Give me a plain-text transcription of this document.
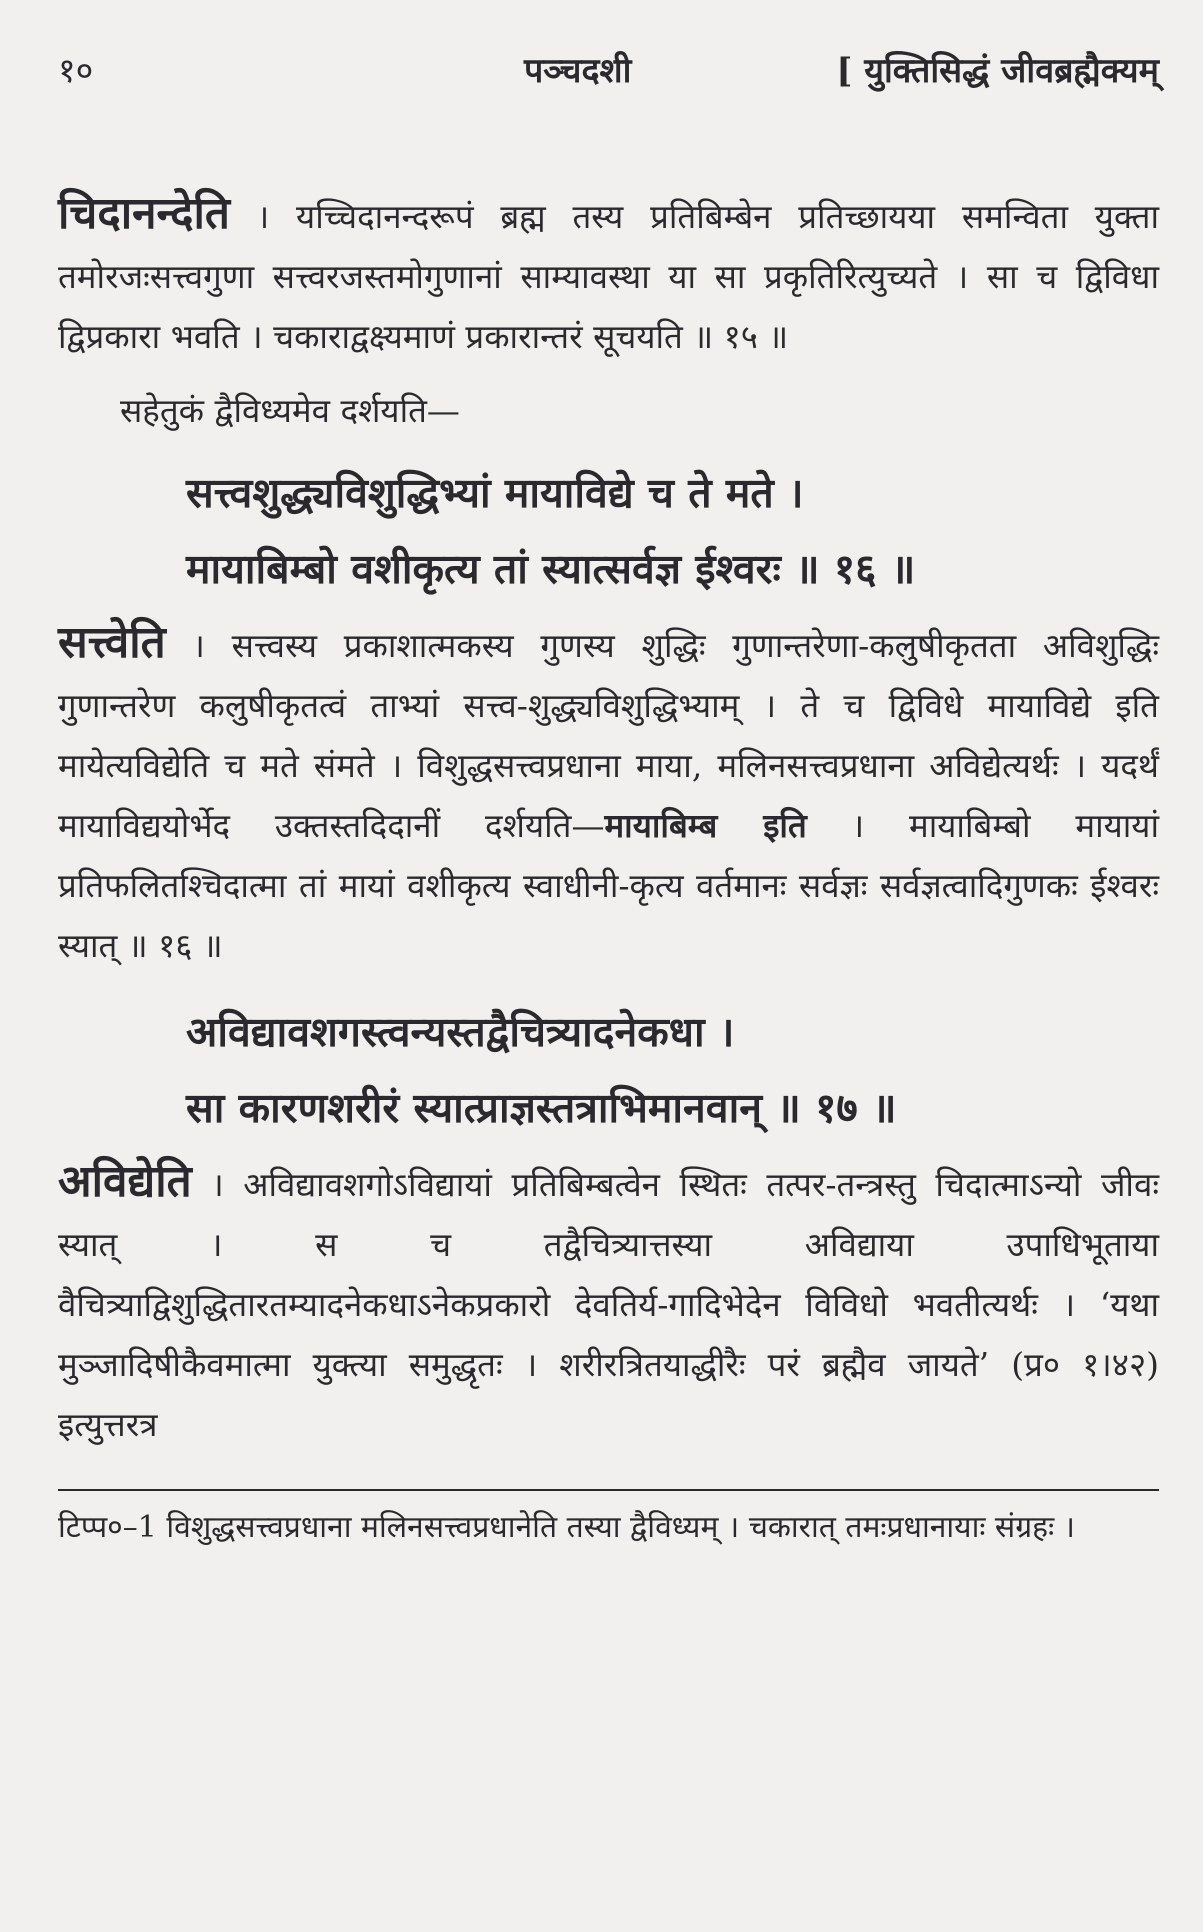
१०	पञ्चदशी	[ युक्तिसिद्धं जीवब्रह्मैक्यम्

चिदानन्देति । यच्चिदानन्दरूपं ब्रह्म तस्य प्रतिबिम्बेन प्रतिच्छायया समन्विता युक्ता तमोरजःसत्त्वगुणा सत्त्वरजस्तमोगुणानां साम्यावस्था या सा प्रकृतिरित्युच्यते । सा च द्विविधा द्विप्रकारा भवति । चकाराद्वक्ष्यमाणं प्रकारान्तरं सूचयति ॥ १५ ॥

सहेतुकं द्वैविध्यमेव दर्शयति—
सत्त्वशुद्ध्यविशुद्धिभ्यां मायाविद्ये च ते मते ।
मायाबिम्बो वशीकृत्य तां स्यात्सर्वज्ञ ईश्वरः ॥ १६ ॥

सत्त्वेति । सत्त्वस्य प्रकाशात्मकस्य गुणस्य शुद्धिः गुणान्तरेणा-कलुषीकृतता अविशुद्धिः गुणान्तरेण कलुषीकृतत्वं ताभ्यां सत्त्व-शुद्ध्यविशुद्धिभ्याम् । ते च द्विविधे मायाविद्ये इति मायेत्यविद्येति च मते संमते । विशुद्धसत्त्वप्रधाना माया, मलिनसत्त्वप्रधाना अविद्येत्यर्थः । यदर्थं मायाविद्ययोर्भेद उक्तस्तदिदानीं दर्शयति—मायाबिम्ब इति । मायाबिम्बो मायायां प्रतिफलितश्चिदात्मा तां मायां वशीकृत्य स्वाधीनी-कृत्य वर्तमानः सर्वज्ञः सर्वज्ञत्वादिगुणकः ईश्वरः स्यात् ॥ १६ ॥

अविद्यावशगस्त्वन्यस्तद्वैचित्र्यादनेकधा ।
सा कारणशरीरं स्यात्प्राज्ञस्तत्राभिमानवान् ॥ १७ ॥

अविद्येति । अविद्यावशगोऽविद्यायां प्रतिबिम्बत्वेन स्थितः तत्पर-तन्त्रस्तु चिदात्माऽन्यो जीवः स्यात् । स च तद्वैचित्र्यात्तस्या अविद्याया उपाधिभूताया वैचित्र्याद्विशुद्धितारतम्यादनेकधाऽनेकप्रकारो देवतिर्य-गादिभेदेन विविधो भवतीत्यर्थः । ‘यथा मुञ्जादिषीकैवमात्मा युक्त्या समुद्धृतः । शरीरत्रितयाद्धीरैः परं ब्रह्मैव जायते’ (प्र० १।४२) इत्युत्तरत्र

टिप्प०–1 विशुद्धसत्त्वप्रधाना मलिनसत्त्वप्रधानेति तस्या द्वैविध्यम् । चकारात् तमःप्रधानायाः संग्रहः ।
